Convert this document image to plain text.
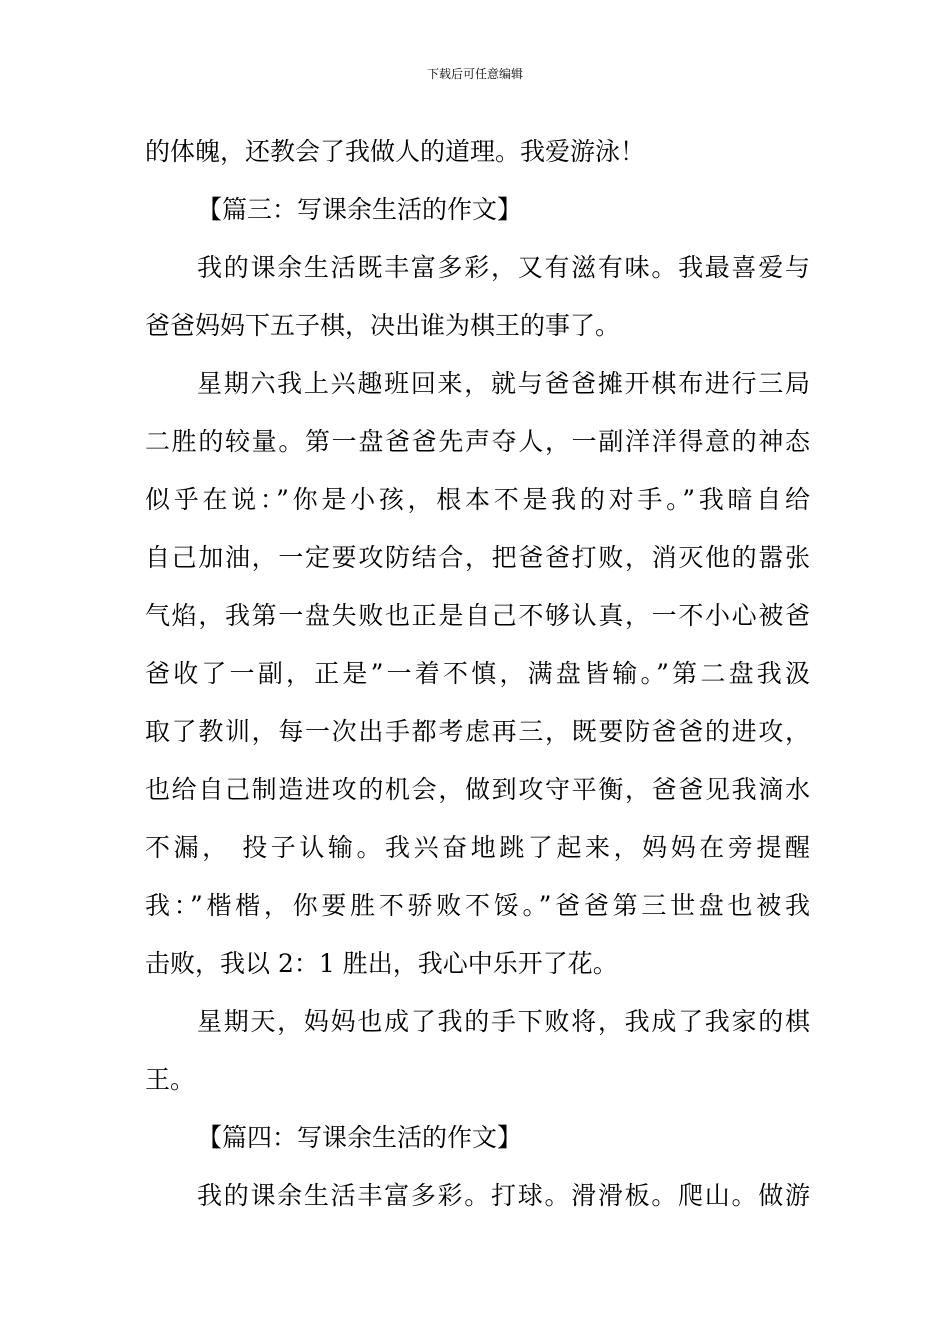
下载后可任意编辑
的体魄，还教会了我做人的道理。我爱游泳！
【篇三：写课余生活的作文】
我的课余生活既丰富多彩，又有滋有味。我最喜爱与
爸爸妈妈下五子棋，决出谁为棋王的事了。
星期六我上兴趣班回来，就与爸爸摊开棋布进行三局
二胜的较量。第一盘爸爸先声夺人，一副洋洋得意的神态
似乎在说：”你是小孩，根本不是我的对手。”我暗自给
自己加油，一定要攻防结合，把爸爸打败，消灭他的嚣张
气焰，我第一盘失败也正是自己不够认真，一不小心被爸
爸收了一副，正是”一着不慎，满盘皆输。”第二盘我汲
取了教训，每一次出手都考虑再三，既要防爸爸的进攻，
也给自己制造进攻的机会，做到攻守平衡，爸爸见我滴水
不漏， 投子认输。我兴奋地跳了起来，妈妈在旁提醒
我：”楷楷，你要胜不骄败不馁。”爸爸第三世盘也被我
击败，我以 2：1 胜出，我心中乐开了花。
星期天，妈妈也成了我的手下败将，我成了我家的棋
王。
【篇四：写课余生活的作文】
我的课余生活丰富多彩。打球。滑滑板。爬山。做游
